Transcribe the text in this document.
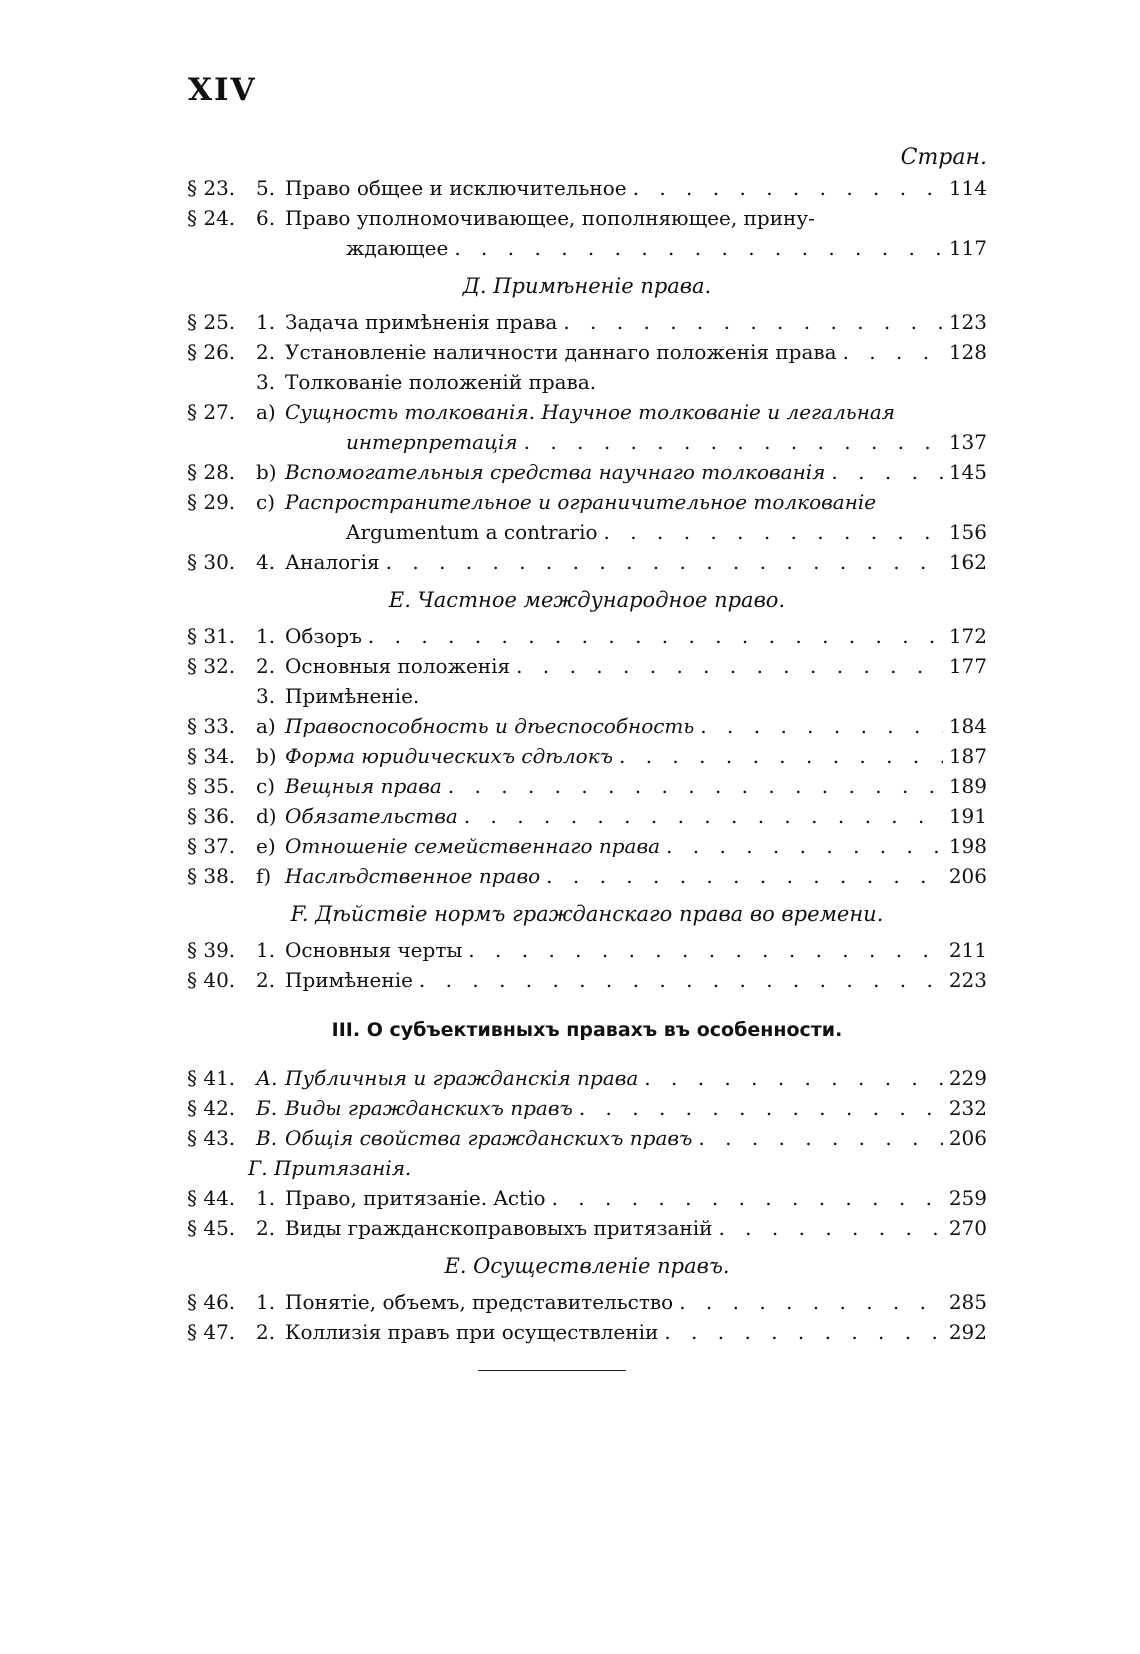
XIV
Стран.
§ 23.	5. Право общее и исключительное . . .	114
§ 24.	6. Право уполномочивающее, пополняющее, прину-
ждающее . . .	117
Д. Примѣненіе права.
§ 25.	1. Задача примѣненія права . . .	123
§ 26.	2. Установленіе наличности даннаго положенія права . . .	128
3. Толкованіе положеній права.
§ 27.	a) Сущность толкованія. Научное толкованіе и легальная
интерпретація . . .	137
§ 28.	b) Вспомогательныя средства научнаго толкованія . . .	145
§ 29.	c) Распространительное и ограничительное толкованіе
Argumentum a contrario . . .	156
§ 30.	4. Аналогія . . .	162
Е. Частное международное право.
§ 31.	1. Обзоръ . . .	172
§ 32.	2. Основныя положенія . . .	177
3. Примѣненіе.
§ 33.	a) Правоспособность и дѣеспособность . . .	184
§ 34.	b) Форма юридическихъ сдѣлокъ . . .	187
§ 35.	c) Вещныя права . . .	189
§ 36.	d) Обязательства . . .	191
§ 37.	e) Отношеніе семейственнаго права . . .	198
§ 38.	f) Наслѣдственное право . . .	206
F. Дѣйствіе нормъ гражданскаго права во времени.
§ 39.	1. Основныя черты . . .	211
§ 40.	2. Примѣненіе . . .	223
III. О субъективныхъ правахъ въ особенности.
§ 41.	А. Публичныя и гражданскія права . . .	229
§ 42.	Б. Виды гражданскихъ правъ . . .	232
§ 43.	В. Общія свойства гражданскихъ правъ . . .	206
Г. Притязанія.
§ 44.	1. Право, притязаніе. Actio . . .	259
§ 45.	2. Виды гражданскоправовыхъ притязаній . . .	270
Е. Осуществленіе правъ.
§ 46.	1. Понятіе, объемъ, представительство . . .	285
§ 47.	2. Коллизія правъ при осуществленіи . . .	292
